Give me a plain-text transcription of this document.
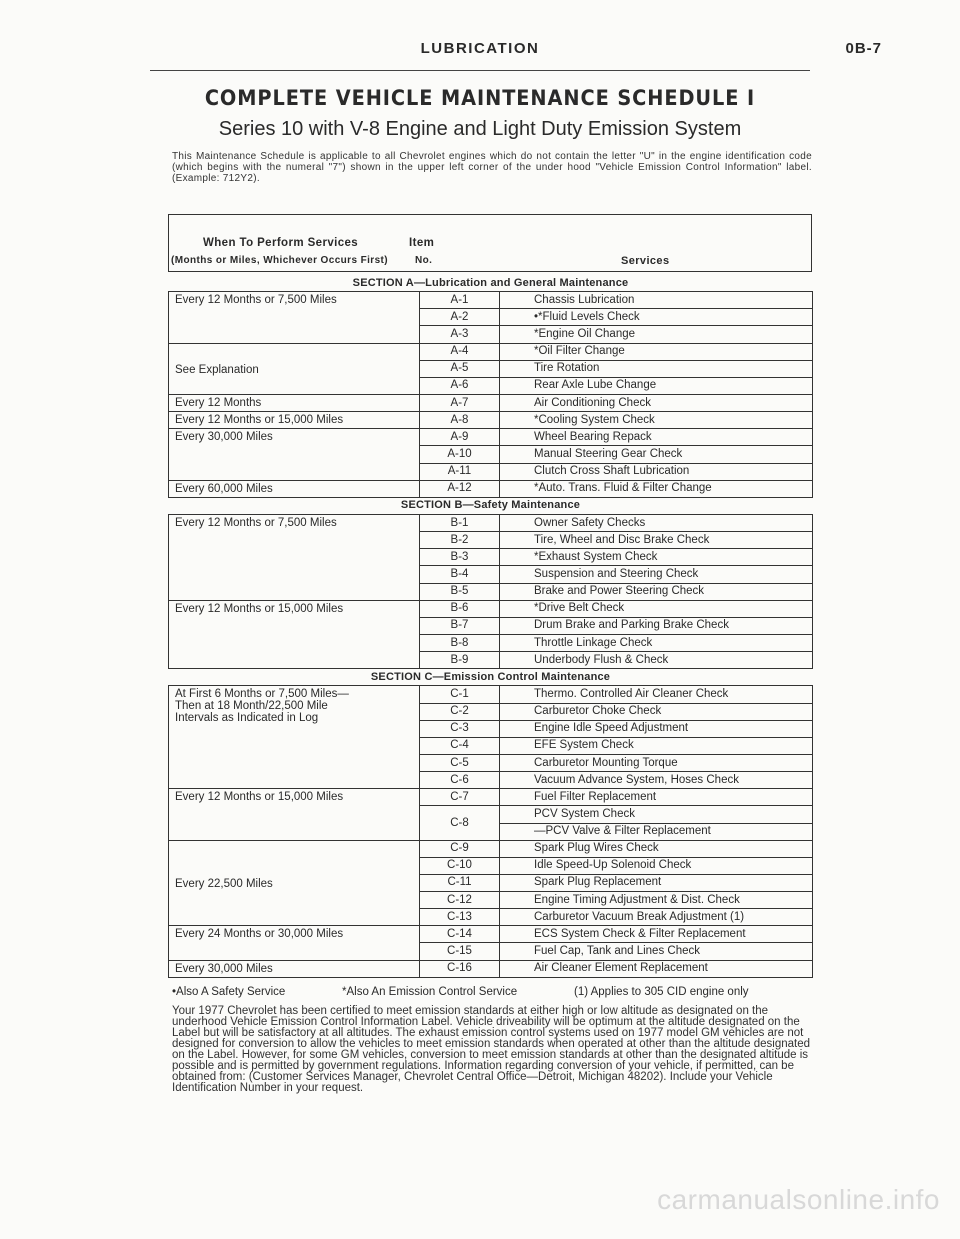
LUBRICATION	0B-7
COMPLETE VEHICLE MAINTENANCE SCHEDULE I
Series 10 with V-8 Engine and Light Duty Emission System
This Maintenance Schedule is applicable to all Chevrolet engines which do not contain the letter "U" in the engine identification code (which begins with the numeral "7") shown in the upper left corner of the under hood "Vehicle Emission Control Information" label. (Example: 712Y2).
When To Perform Services
(Months or Miles, Whichever Occurs First)
Item
No.	Services
SECTION A—Lubrication and General Maintenance		

Every 12 Months or 7,500 Miles	A-1	Chassis Lubrication
	A-2	•*Fluid Levels Check
	A-3	*Engine Oil Change

See Explanation	A-4	*Oil Filter Change
	A-5	Tire Rotation
	A-6	Rear Axle Lube Change

Every 12 Months	A-7	Air Conditioning Check

Every 12 Months or 15,000 Miles	A-8	*Cooling System Check

Every 30,000 Miles	A-9	Wheel Bearing Repack
	A-10	Manual Steering Gear Check
	A-11	Clutch Cross Shaft Lubrication

Every 60,000 Miles	A-12	*Auto. Trans. Fluid & Filter Change
SECTION B—Safety Maintenance		

Every 12 Months or 7,500 Miles	B-1	Owner Safety Checks
	B-2	Tire, Wheel and Disc Brake Check
	B-3	*Exhaust System Check
	B-4	Suspension and Steering Check
	B-5	Brake and Power Steering Check

Every 12 Months or 15,000 Miles	B-6	*Drive Belt Check
	B-7	Drum Brake and Parking Brake Check
	B-8	Throttle Linkage Check
	B-9	Underbody Flush & Check
SECTION C—Emission Control Maintenance		

At First 6 Months or 7,500 Miles—
Then at 18 Month/22,500 Mile
Intervals as Indicated in Log	C-1	Thermo. Controlled Air Cleaner Check
	C-2	Carburetor Choke Check
	C-3	Engine Idle Speed Adjustment
	C-4	EFE System Check
	C-5	Carburetor Mounting Torque
	C-6	Vacuum Advance System, Hoses Check

Every 12 Months or 15,000 Miles	C-7	Fuel Filter Replacement
	C-8	PCV System Check
		—PCV Valve & Filter Replacement

Every 22,500 Miles	C-9	Spark Plug Wires Check
	C-10	Idle Speed-Up Solenoid Check
	C-11	Spark Plug Replacement
	C-12	Engine Timing Adjustment & Dist. Check
	C-13	Carburetor Vacuum Break Adjustment (1)

Every 24 Months or 30,000 Miles	C-14	ECS System Check & Filter Replacement
	C-15	Fuel Cap, Tank and Lines Check

Every 30,000 Miles	C-16	Air Cleaner Element Replacement
•Also A Safety Service	*Also An Emission Control Service	(1) Applies to 305 CID engine only
Your 1977 Chevrolet has been certified to meet emission standards at either high or low altitude as designated on the underhood Vehicle Emission Control Information Label. Vehicle driveability will be optimum at the altitude designated on the Label but will be satisfactory at all altitudes. The exhaust emission control systems used on 1977 model GM vehicles are not designed for conversion to allow the vehicles to meet emission standards when operated at other than the altitude designated on the Label. However, for some GM vehicles, conversion to meet emission standards at other than the designated altitude is possible and is permitted by government regulations. Information regarding conversion of your vehicle, if permitted, can be obtained from: (Customer Services Manager, Chevrolet Central Office—Detroit, Michigan 48202). Include your Vehicle Identification Number in your request.
carmanualsonline.info
